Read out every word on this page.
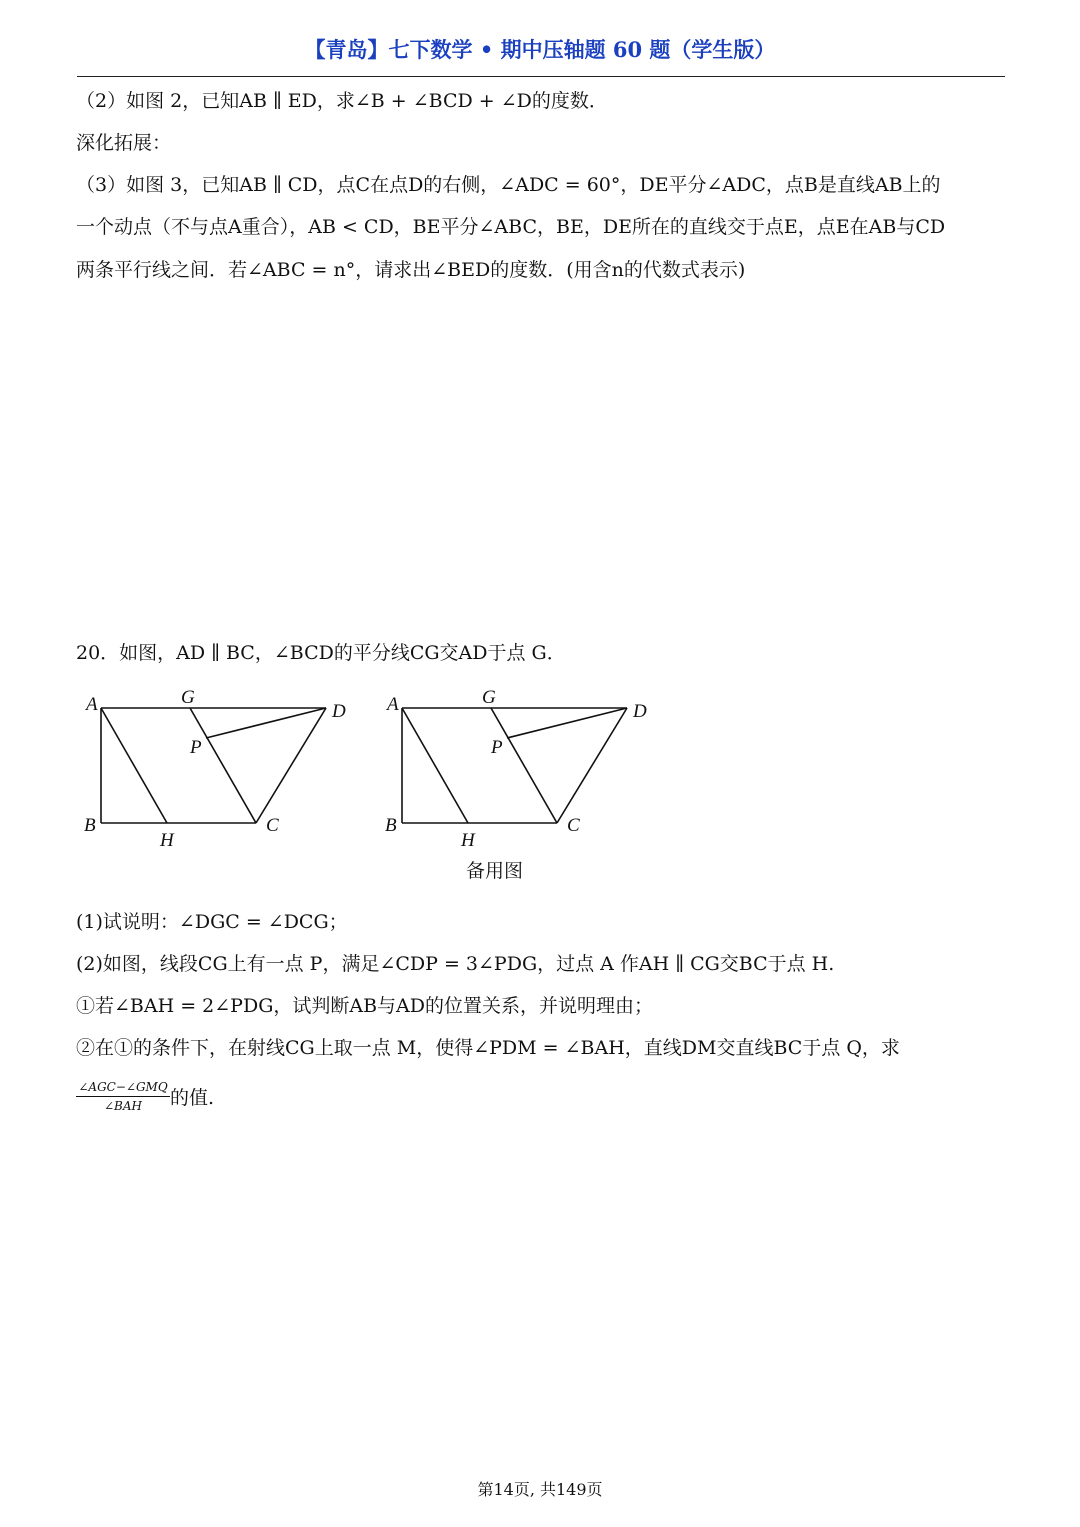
【青岛】七下数学 • 期中压轴题 60 题（学生版）
（2）如图 2，已知AB ∥ ED，求∠B + ∠BCD + ∠D的度数．
深化拓展：
（3）如图 3，已知AB ∥ CD，点C在点D的右侧，∠ADC = 60°，DE平分∠ADC，点B是直线AB上的
一个动点（不与点A重合），AB < CD，BE平分∠ABC，BE，DE所在的直线交于点E，点E在AB与CD
两条平行线之间．若∠ABC = n°，请求出∠BED的度数．(用含n的代数式表示)
20．如图，AD ∥ BC，∠BCD的平分线CG交AD于点 G．
A	G
D
P
B
H
C
A	G
D
P
B
H
C
备用图
(1)试说明：∠DGC = ∠DCG；
(2)如图，线段CG上有一点 P，满足∠CDP = 3∠PDG，过点 A 作AH ∥ CG交BC于点 H.
①若∠BAH = 2∠PDG，试判断AB与AD的位置关系，并说明理由；
②在①的条件下，在射线CG上取一点 M，使得∠PDM = ∠BAH，直线DM交直线BC于点 Q，求
∠AGC−∠GMQ
∠BAH	的值.
第14页, 共149页
